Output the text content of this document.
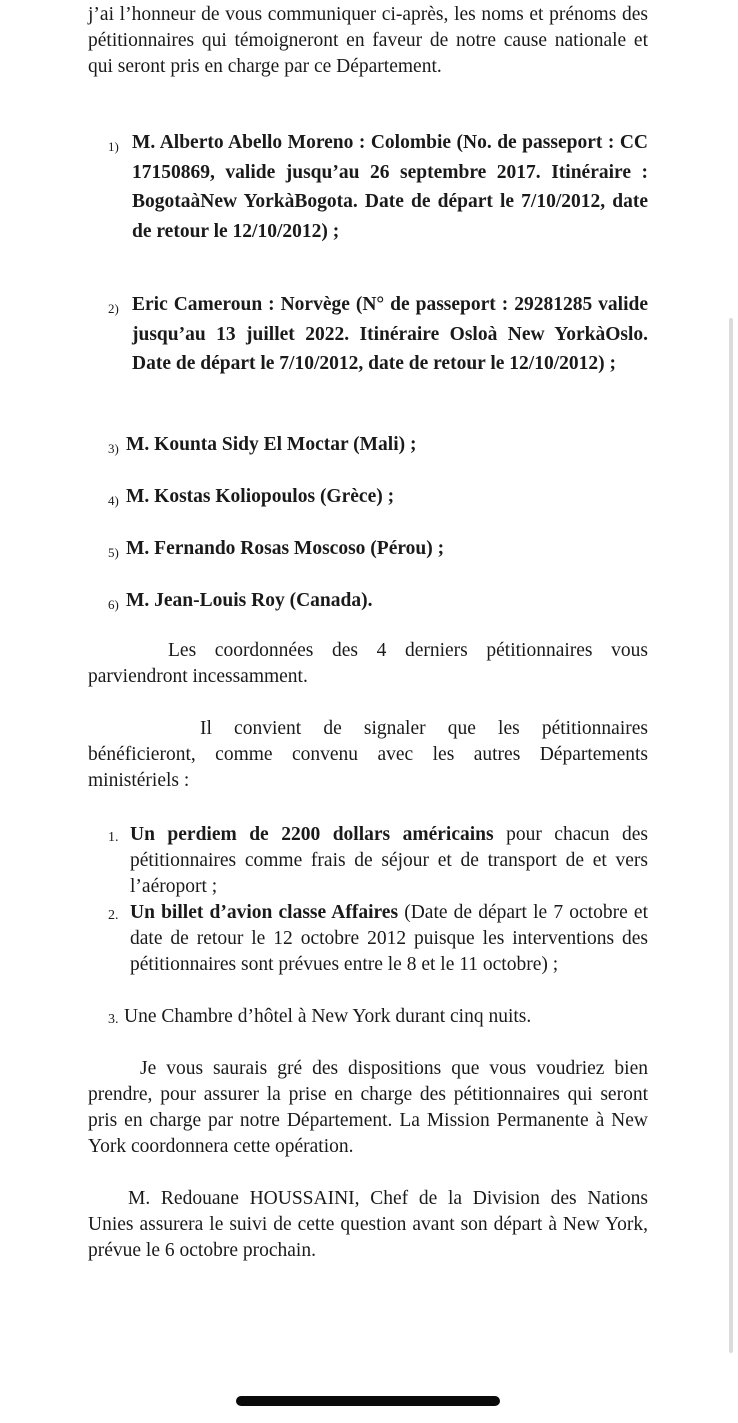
j’ai l’honneur de vous communiquer ci-après, les noms et prénoms des pétitionnaires qui témoigneront en faveur de notre cause nationale et qui seront pris en charge par ce Département.

1) M. Alberto Abello Moreno : Colombie (No. de passeport : CC 17150869, valide jusqu’au 26 septembre 2017. Itinéraire : BogotaàNew YorkàBogota. Date de départ le 7/10/2012, date de retour le 12/10/2012) ;
2) Eric Cameroun : Norvège (N° de passeport : 29281285 valide jusqu’au 13 juillet 2022. Itinéraire Osloà New YorkàOslo. Date de départ le 7/10/2012, date de retour le 12/10/2012) ;
3) M. Kounta Sidy El Moctar (Mali) ;
4) M. Kostas Koliopoulos (Grèce) ;
5) M. Fernando Rosas Moscoso (Pérou) ;
6) M. Jean-Louis Roy (Canada).

Les coordonnées des 4 derniers pétitionnaires vous parviendront incessamment.

Il convient de signaler que les pétitionnaires bénéficieront, comme convenu avec les autres Départements ministériels :

1. Un perdiem de 2200 dollars américains pour chacun des pétitionnaires comme frais de séjour et de transport de et vers l’aéroport ;
2. Un billet d’avion classe Affaires (Date de départ le 7 octobre et date de retour le 12 octobre 2012 puisque les interventions des pétitionnaires sont prévues entre le 8 et le 11 octobre) ;
3. Une Chambre d’hôtel à New York durant cinq nuits.

Je vous saurais gré des dispositions que vous voudriez bien prendre, pour assurer la prise en charge des pétitionnaires qui seront pris en charge par notre Département. La Mission Permanente à New York coordonnera cette opération.

M. Redouane HOUSSAINI, Chef de la Division des Nations Unies assurera le suivi de cette question avant son départ à New York, prévue le 6 octobre prochain.
